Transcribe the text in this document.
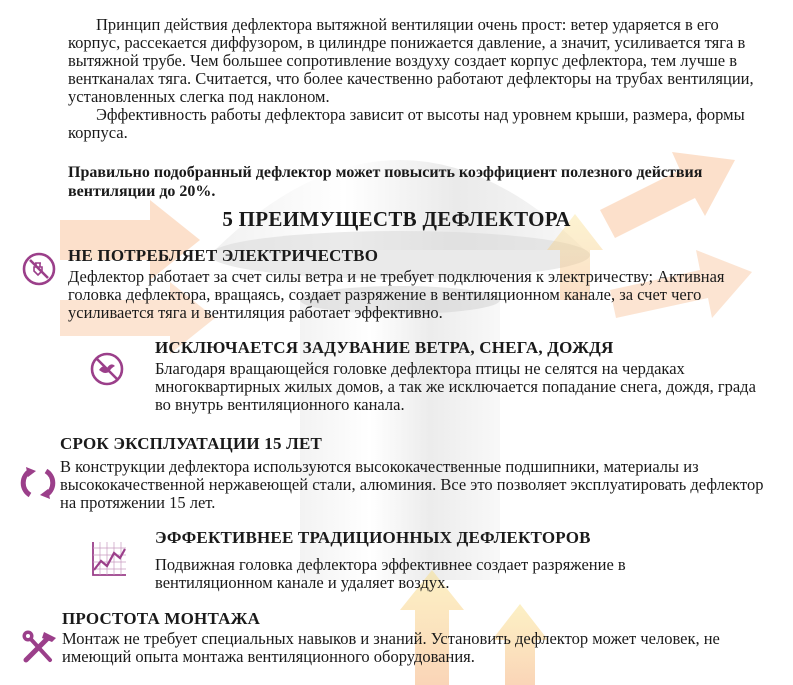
Принцип действия дефлектора вытяжной вентиляции очень прост: ветер ударяется в его корпус, рассекается диффузором, в цилиндре понижается давление, а значит, усиливается тяга в вытяжной трубе. Чем большее сопротивление воздуху создает корпус дефлектора, тем лучше в вентканалах тяга. Считается, что более качественно работают дефлекторы на трубах вентиляции, установленных слегка под наклоном.

Эффективность работы дефлектора зависит от высоты над уровнем крыши, размера, формы корпуса.

Правильно подобранный дефлектор может повысить коэффициент полезного действия вентиляции до 20%.

5 ПРЕИМУЩЕСТВ ДЕФЛЕКТОРА

НЕ ПОТРЕБЛЯЕТ ЭЛЕКТРИЧЕСТВО

Дефлектор работает за счет силы ветра и не требует подключения к электричеству; Активная головка дефлектора, вращаясь, создает разряжение в вентиляционном канале, за счет чего усиливается тяга и вентиляция работает эффективно.

ИСКЛЮЧАЕТСЯ ЗАДУВАНИЕ ВЕТРА, СНЕГА, ДОЖДЯ

Благодаря вращающейся головке дефлектора птицы не селятся на чердаках многоквартирных жилых домов, а так же исключается попадание снега, дождя, града во внутрь вентиляционного канала.

СРОК ЭКСПЛУАТАЦИИ 15 ЛЕТ

В конструкции дефлектора используются высококачественные подшипники, материалы из высококачественной нержавеющей стали, алюминия. Все это позволяет эксплуатировать дефлектор на протяжении 15 лет.

ЭФФЕКТИВНЕЕ ТРАДИЦИОННЫХ ДЕФЛЕКТОРОВ

Подвижная головка дефлектора эффективнее создает разряжение в вентиляционном канале и удаляет воздух.

ПРОСТОТА МОНТАЖА

Монтаж не требует специальных навыков и знаний. Установить дефлектор может человек, не имеющий опыта монтажа вентиляционного оборудования.
